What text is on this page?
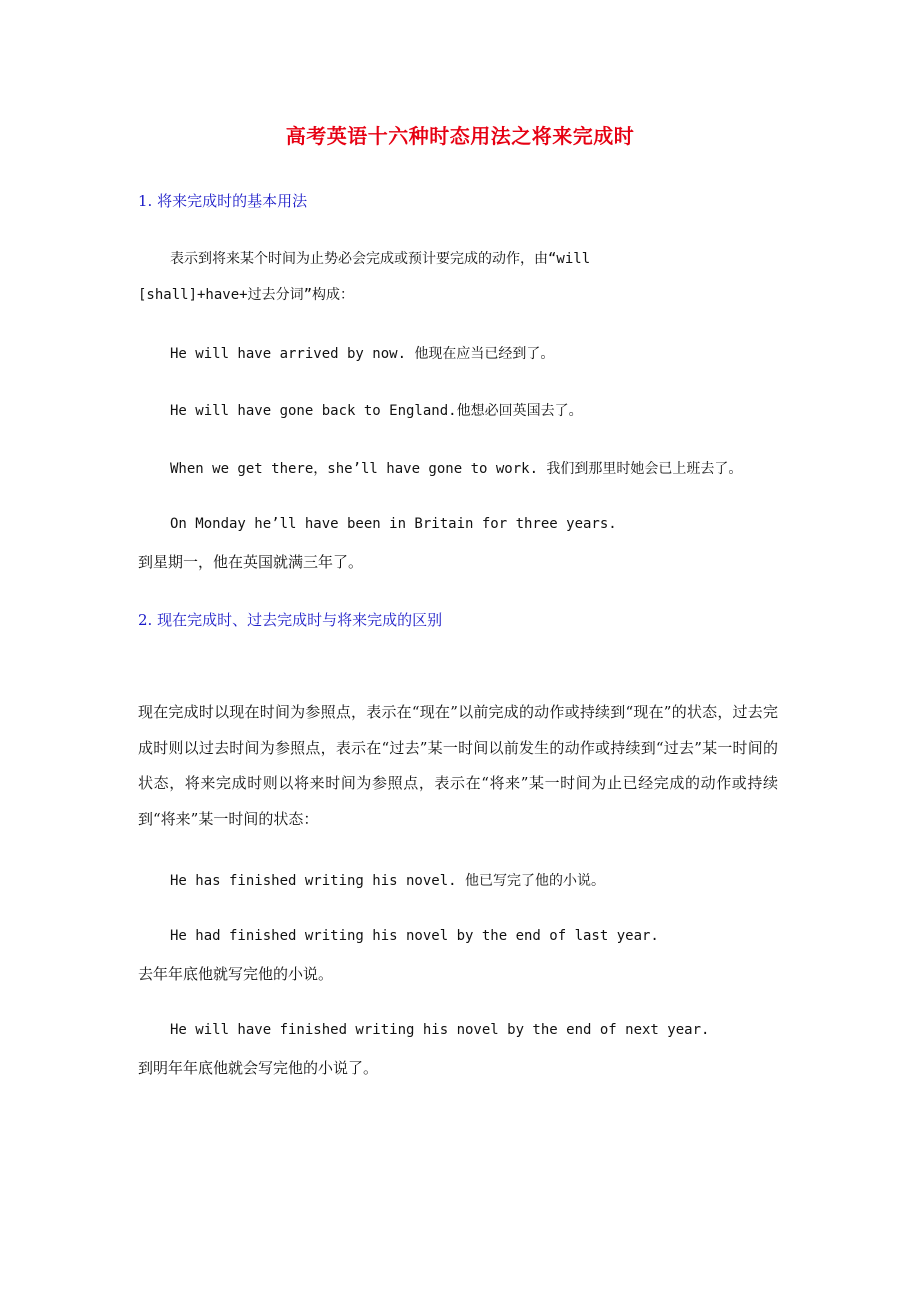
高考英语十六种时态用法之将来完成时
1. 将来完成时的基本用法
表示到将来某个时间为止势必会完成或预计要完成的动作，由“will
[shall]+have+过去分词”构成：
He will have arrived by now. 他现在应当已经到了。
He will have gone back to England.他想必回英国去了。
When we get there，she’ll have gone to work. 我们到那里时她会已上班去了。
On Monday he’ll have been in Britain for three years.
到星期一，他在英国就满三年了。
2. 现在完成时、过去完成时与将来完成的区别
现在完成时以现在时间为参照点，表示在“现在”以前完成的动作或持续到“现在”的状态，过去完成时则以过去时间为参照点，表示在“过去”某一时间以前发生的动作或持续到“过去”某一时间的状态，将来完成时则以将来时间为参照点，表示在“将来”某一时间为止已经完成的动作或持续到“将来”某一时间的状态：
He has finished writing his novel. 他已写完了他的小说。
He had finished writing his novel by the end of last year.
去年年底他就写完他的小说。
He will have finished writing his novel by the end of next year.
到明年年底他就会写完他的小说了。
